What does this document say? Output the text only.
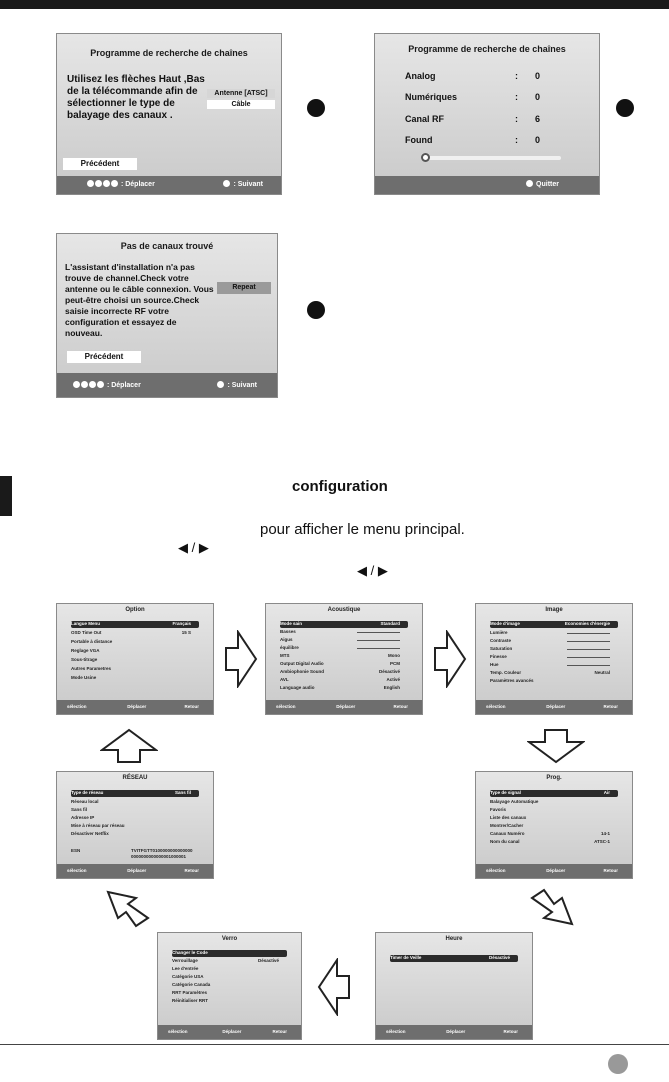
Programme de recherche de chaînes
Utilisez les flèches Haut ,Bas de la télécommande afin de sélectionner le type de balayage des canaux .
Antenne [ATSC]
Câble
Précédent
: Déplacer	: Suivant
Programme de recherche de chaînes
Analog	: 0
Numériques	: 0
Canal RF	: 6
Found	: 0
Quitter
Pas de canaux trouvé
L'assistant d'installation n'a pas trouve de channel.Check votre antenne ou le câble connexion. Vous peut-être choisi un source.Check saisie incorrecte RF votre configuration et essayez de nouveau.
Repeat
Précédent
: Déplacer	: Suivant
configuration
pour afficher le menu principal.
◀ / ▶
◀ / ▶
Option
Langue Menu	Français
OSD Time Out	15 S
Portable à distance
Reglage VGA
Sous-titrage
Autres Parametres
Mode Usine
sélection	Déplacer	Retour
Acoustique
Mode sain	Standard
Basses
Aigus
équilibre
MTS	Mono
Output Digital Audio	PCM
Ambiophonie Sound	Désactivé
AVL	Activé
Language audio	English
sélection	Déplacer	Retour
Image
Mode d'image	Economies d'énergie
Lumière
Contraste
Saturation
Finesse
Hue
Temp. Couleur	Neutral
Paramètres avancés
sélection	Déplacer	Retour
RÉSEAU
Type de réseau	Sans fil
Réseau local
Sans fil
Adresse IP
Mise à réseau par réseau
Désactiver Netflix
ESN	TVITFGTT0100000000000000 0000000000000001000001
sélection	Déplacer	Retour
Prog.
Type de signal	Air
Balayage Automatique
Favoris
Liste des canaux
Montrer/Cacher
Canaux Numéro	14-1
Nom du canal	ATSC-1
sélection	Déplacer	Retour
Verro
Changer le Code
Verrouillage	Désactivé
Lee d'entrée
Catégorie USA
Catégorie Canada
RRT Paramètres
Réinitialiser RRT
sélection	Déplacer	Retour
Heure
Timer de Veille	Désactivé
sélection	Déplacer	Retour
